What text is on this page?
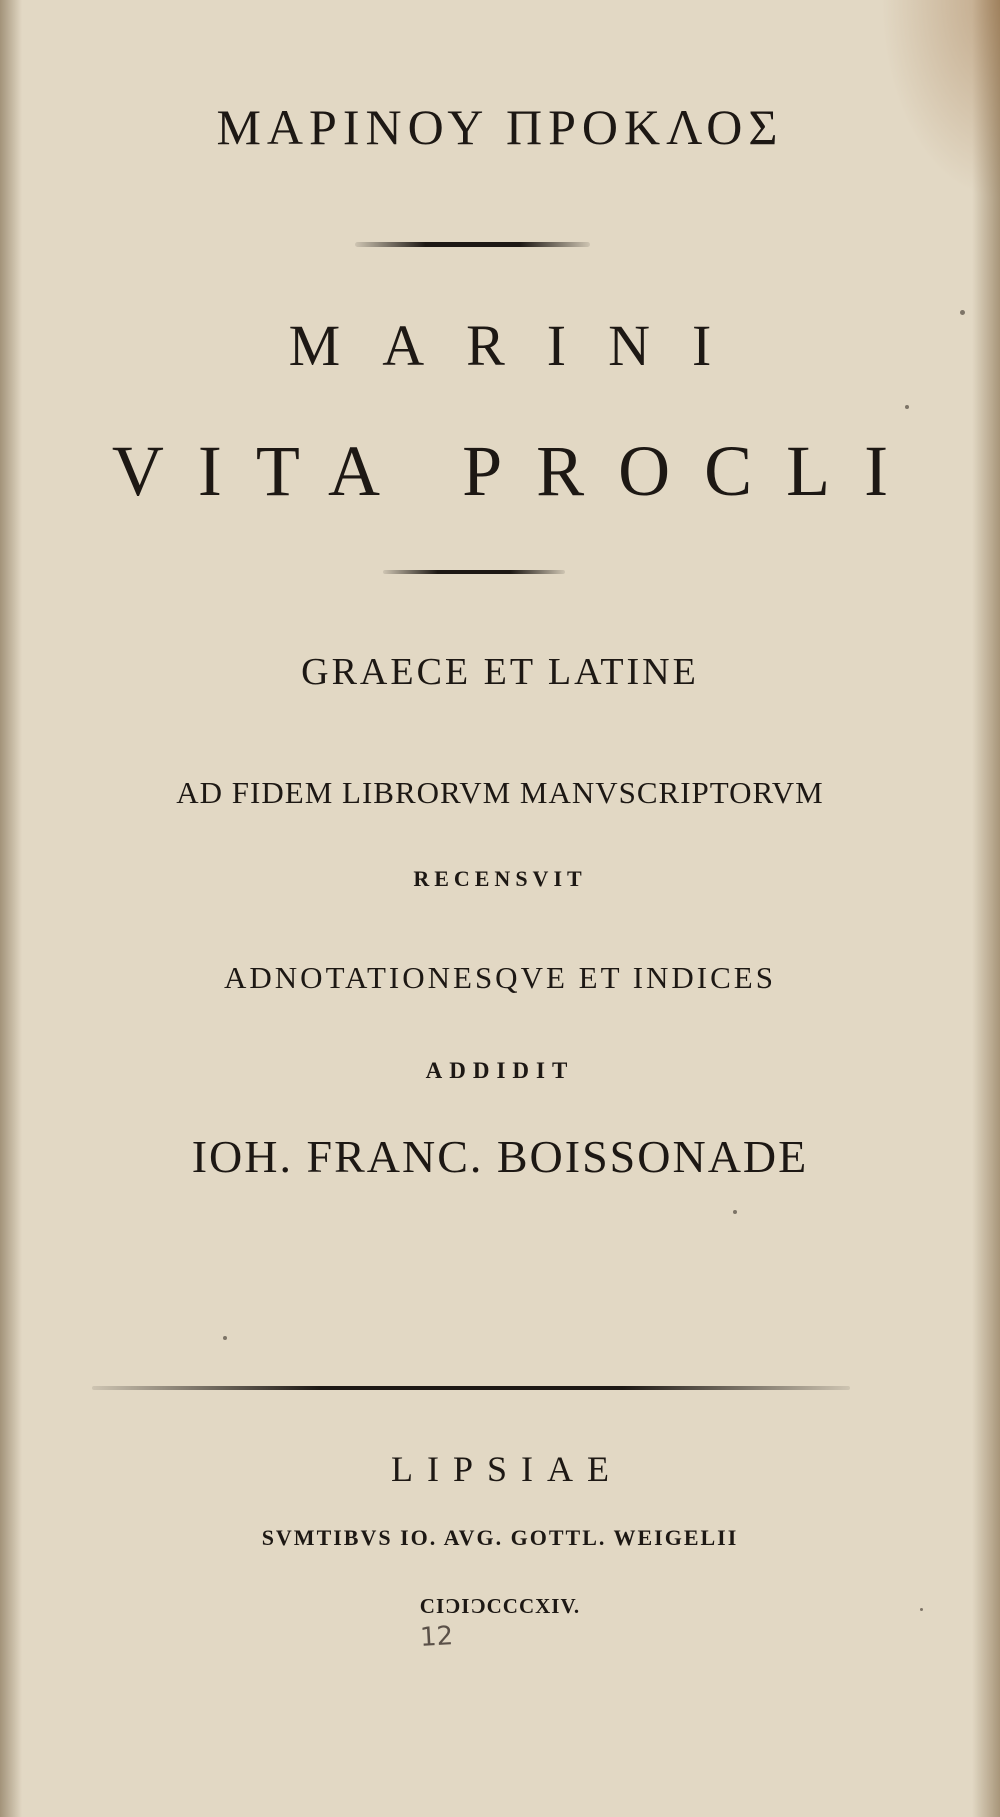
ΜΑΡΙΝΟΥ ΠΡΟΚΛΟΣ
MARINI
VITA PROCLI
GRAECE ET LATINE
AD FIDEM LIBRORVM MANVSCRIPTORVM
RECENSVIT
ADNOTATIONESQVE ET INDICES
ADDIDIT
IOH. FRANC. BOISSONADE
LIPSIAE
SVMTIBVS IO. AVG. GOTTL. WEIGELII
CIƆIƆCCCXIV.
12
